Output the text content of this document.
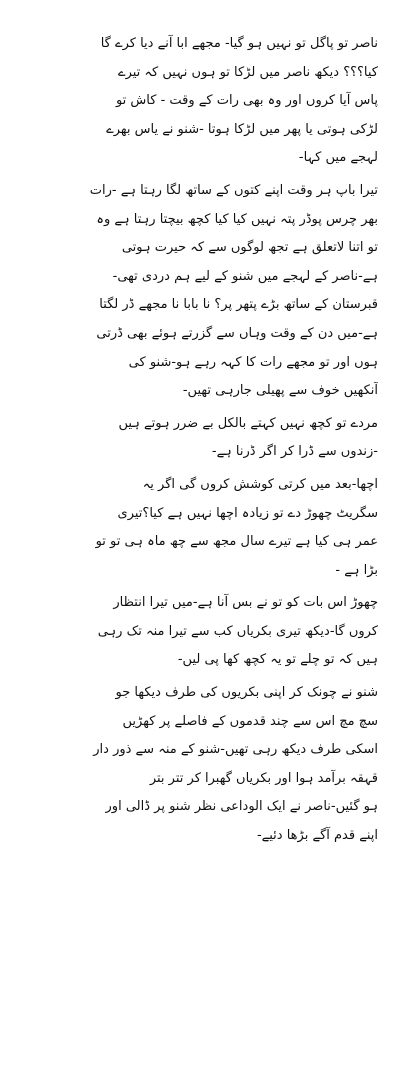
ناصر تو پاگل تو نہیں ہو گیا- مجھے ابا آنے دیا کرے گا
کیا؟؟؟ دیکھ ناصر میں لڑکا تو ہوں نہیں کہ تیرے
پاس آیا کروں اور وہ بھی رات کے وقت - کاش تو
لڑکی ہوتی یا پھر میں لڑکا ہوتا -شنو نے یاس بھرے
لہجے میں کہا-
تیرا باپ ہر وقت اپنے کتوں کے ساتھ لگا رہتا ہے -رات
بھر چرس پوڈر پتہ نہیں کیا کیا کچھ بیچتا رہتا ہے وہ
تو اتنا لاتعلق ہے تجھ لوگوں سے کہ حیرت ہوتی
ہے-ناصر کے لہجے میں شنو کے لیے ہم دردی تھی-
قبرستان کے ساتھ بڑے پتھر پر؟ نا بابا نا مجھے ڈر لگتا
ہے-میں دن کے وقت وہاں سے گزرتے ہوئے بھی ڈرتی
ہوں اور تو مجھے رات کا کہہ رہے ہو-شنو کی
آنکھیں خوف سے پھیلی جارہی تھیں-
مردے تو کچھ نہیں کہتے بالکل بے ضرر ہوتے ہیں
-زندوں سے ڈرا کر اگر ڈرنا ہے-
اچھا-بعد میں کرتی کوشش کروں گی اگر یہ
سگریٹ چھوڑ دے تو زیادہ اچھا نہیں ہے کیا؟تیری
عمر ہی کیا ہے تیرے سال مجھ سے چھ ماہ ہی تو تو
بڑا ہے -
چھوڑ اس بات کو تو نے بس آنا ہے-میں تیرا انتظار
کروں گا-دیکھ تیری بکریاں کب سے تیرا منہ تک رہی
ہیں کہ تو چلے تو یہ کچھ کھا پی لیں-
شنو نے چونک کر اپنی بکریوں کی طرف دیکھا جو
سچ مچ اس سے چند قدموں کے فاصلے پر کھڑیں
اسکی طرف دیکھ رہی تھیں-شنو کے منہ سے ذور دار
قہقہ برآمد ہوا اور بکریاں گھبرا کر تتر بتر
ہو گئیں-ناصر نے ایک الوداعی نظر شنو پر ڈالی اور
اپنے قدم آگے بڑھا دئیے-
